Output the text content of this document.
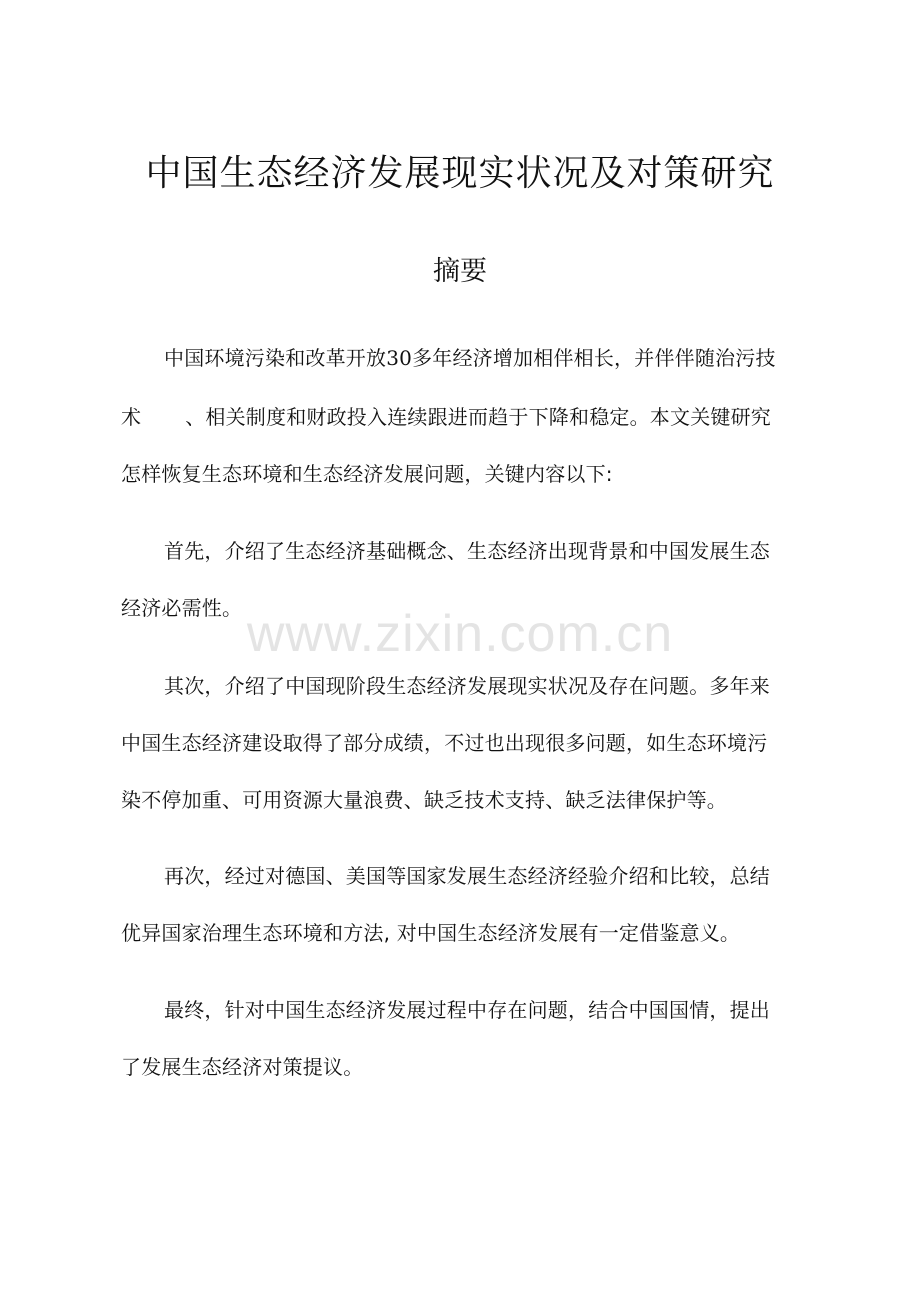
中国生态经济发展现实状况及对策研究
摘要

中国环境污染和改革开放30多年经济增加相伴相长，并伴伴随治污技

术 、相关制度和财政投入连续跟进而趋于下降和稳定。本文关键研究

怎样恢复生态环境和生态经济发展问题，关键内容以下:

首先，介绍了生态经济基础概念、生态经济出现背景和中国发展生态

经济必需性。

其次，介绍了中国现阶段生态经济发展现实状况及存在问题。多年来

中国生态经济建设取得了部分成绩，不过也出现很多问题，如生态环境污

染不停加重、可用资源大量浪费、缺乏技术支持、缺乏法律保护等。

再次，经过对德国、美国等国家发展生态经济经验介绍和比较，总结

优异国家治理生态环境和方法, 对中国生态经济发展有一定借鉴意义。

最终，针对中国生态经济发展过程中存在问题，结合中国国情，提出

了发展生态经济对策提议。

www.zixin.com.cn
